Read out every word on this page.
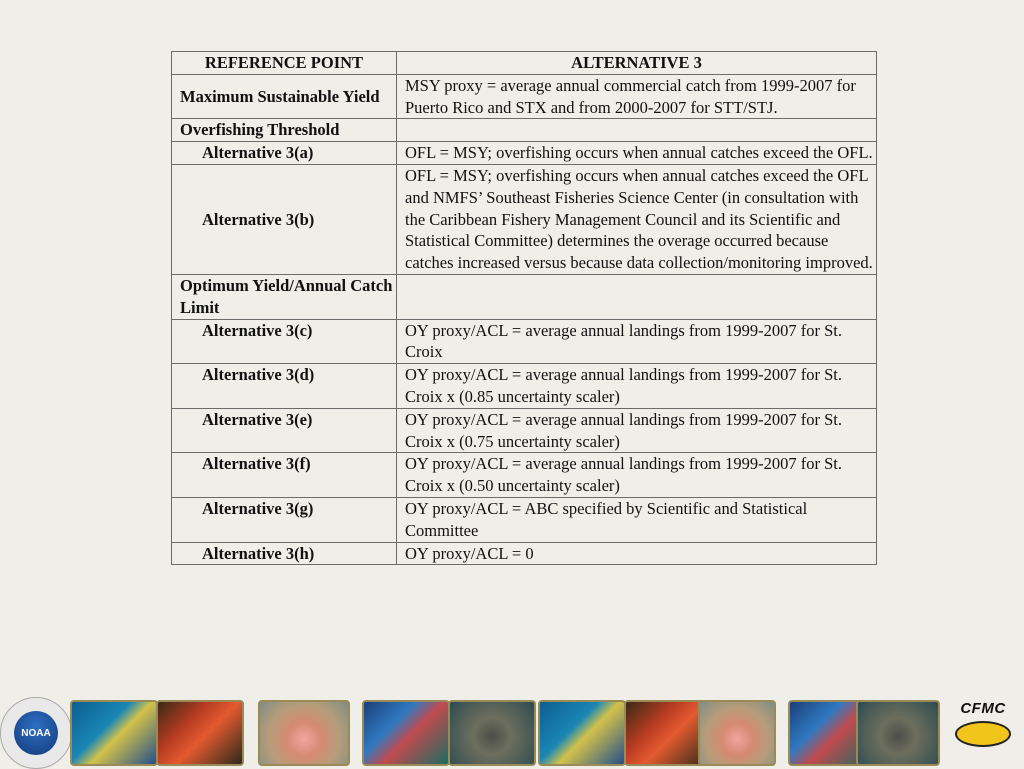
REFERENCE POINT	ALTERNATIVE 3
Maximum Sustainable Yield	MSY proxy = average annual commercial catch from 1999-2007 for Puerto Rico and STX and from 2000-2007 for STT/STJ.
Overfishing Threshold	
Alternative 3(a)	OFL = MSY; overfishing occurs when annual catches exceed the OFL.
Alternative 3(b)	OFL = MSY; overfishing occurs when annual catches exceed the OFL and NMFS’ Southeast Fisheries Science Center (in consultation with the Caribbean Fishery Management Council and its Scientific and Statistical Committee) determines the overage occurred because catches increased versus because data collection/monitoring improved.
Optimum Yield/Annual Catch Limit	
Alternative 3(c)	OY proxy/ACL = average annual landings from 1999-2007 for St. Croix
Alternative 3(d)	OY proxy/ACL = average annual landings from 1999-2007 for St. Croix x (0.85 uncertainty scaler)
Alternative 3(e)	OY proxy/ACL = average annual landings from 1999-2007 for St. Croix x (0.75 uncertainty scaler)
Alternative 3(f)	OY proxy/ACL = average annual landings from 1999-2007 for St. Croix x (0.50 uncertainty scaler)
Alternative 3(g)	OY proxy/ACL = ABC specified by Scientific and Statistical Committee
Alternative 3(h)	OY proxy/ACL = 0
NOAA
CFMC
